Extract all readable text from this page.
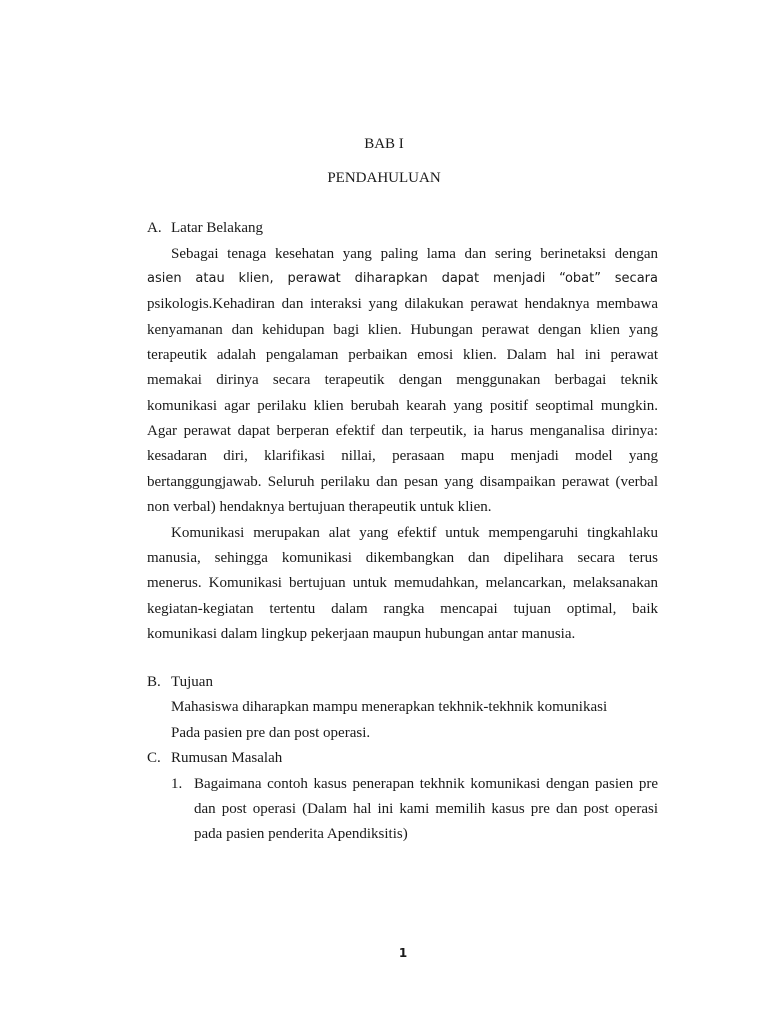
BAB I
PENDAHULUAN
A. Latar Belakang
Sebagai tenaga kesehatan yang paling lama dan sering berinetaksi dengan
asien atau klien, perawat diharapkan dapat menjadi “obat” secara
psikologis.Kehadiran dan interaksi yang dilakukan perawat hendaknya membawa
kenyamanan dan kehidupan bagi klien. Hubungan perawat dengan klien yang
terapeutik adalah pengalaman perbaikan emosi klien. Dalam hal ini perawat
memakai dirinya secara terapeutik dengan menggunakan berbagai teknik
komunikasi agar perilaku klien berubah kearah yang positif seoptimal mungkin.
Agar perawat dapat berperan efektif dan terpeutik, ia harus menganalisa dirinya:
kesadaran diri, klarifikasi nillai, perasaan mapu menjadi model yang
bertanggungjawab. Seluruh perilaku dan pesan yang disampaikan perawat (verbal
non verbal) hendaknya bertujuan therapeutik untuk klien.
Komunikasi merupakan alat yang efektif untuk mempengaruhi tingkahlaku
manusia, sehingga komunikasi dikembangkan dan dipelihara secara terus
menerus. Komunikasi bertujuan untuk memudahkan, melancarkan, melaksanakan
kegiatan-kegiatan tertentu dalam rangka mencapai tujuan optimal, baik
komunikasi dalam lingkup pekerjaan maupun hubungan antar manusia.
B. Tujuan
Mahasiswa diharapkan mampu menerapkan tekhnik-tekhnik komunikasi
Pada pasien pre dan post operasi.
C. Rumusan Masalah
1. Bagaimana contoh kasus penerapan tekhnik komunikasi dengan pasien pre
dan post operasi (Dalam hal ini kami memilih kasus pre dan post operasi
pada pasien penderita Apendiksitis)
1
